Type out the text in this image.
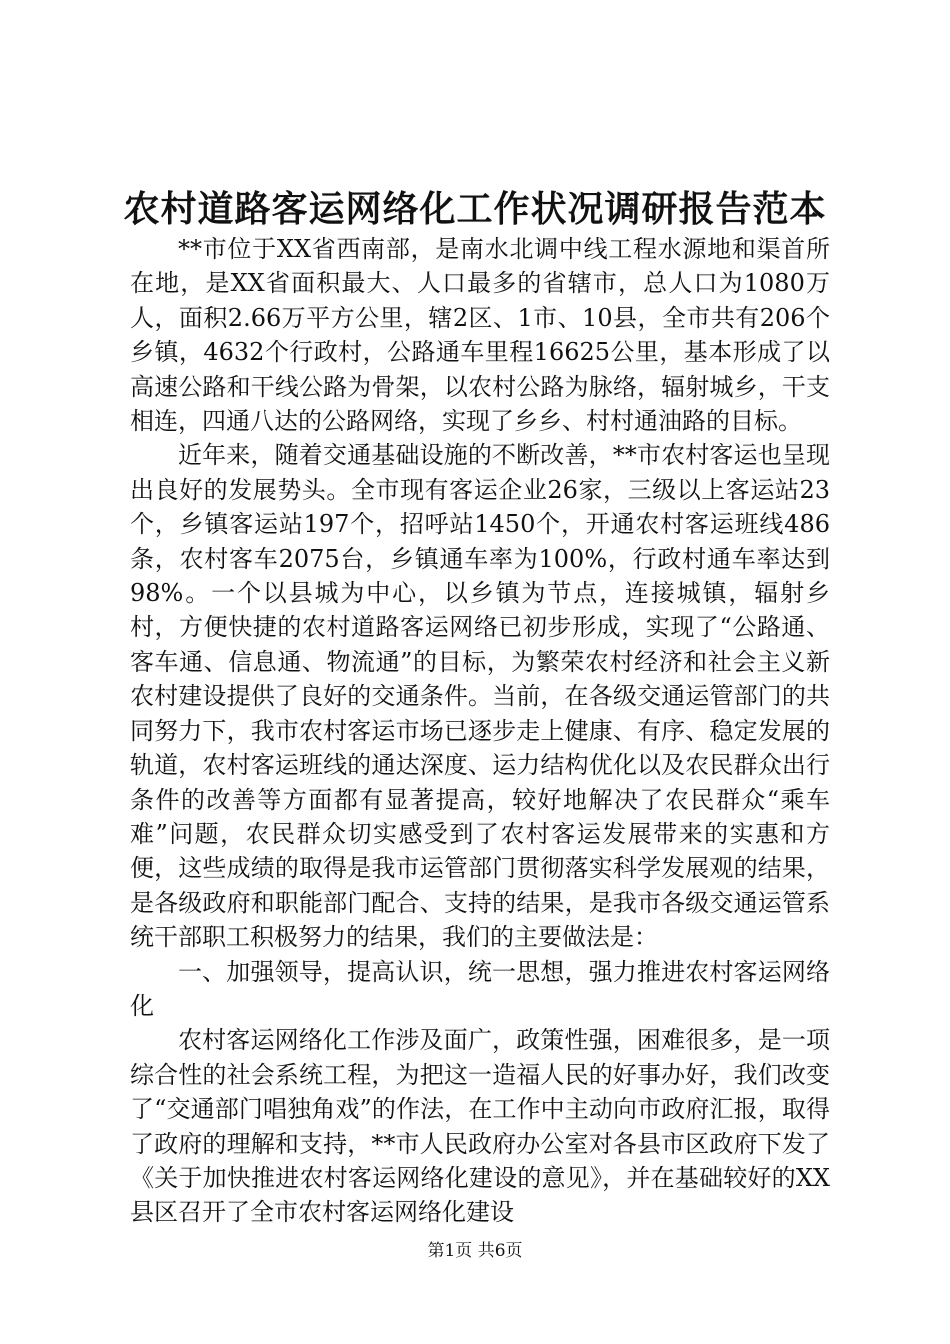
农村道路客运网络化工作状况调研报告范本

**市位于XX省西南部，是南水北调中线工程水源地和渠首所在地，是XX省面积最大、人口最多的省辖市，总人口为1080万人，面积2.66万平方公里，辖2区、1市、10县，全市共有206个乡镇，4632个行政村，公路通车里程16625公里，基本形成了以高速公路和干线公路为骨架，以农村公路为脉络，辐射城乡，干支相连，四通八达的公路网络，实现了乡乡、村村通油路的目标。

近年来，随着交通基础设施的不断改善，**市农村客运也呈现出良好的发展势头。全市现有客运企业26家，三级以上客运站23个，乡镇客运站197个，招呼站1450个，开通农村客运班线486条，农村客车2075台，乡镇通车率为100%，行政村通车率达到98%。一个以县城为中心，以乡镇为节点，连接城镇，辐射乡村，方便快捷的农村道路客运网络已初步形成，实现了“公路通、客车通、信息通、物流通”的目标，为繁荣农村经济和社会主义新农村建设提供了良好的交通条件。当前，在各级交通运管部门的共同努力下，我市农村客运市场已逐步走上健康、有序、稳定发展的轨道，农村客运班线的通达深度、运力结构优化以及农民群众出行条件的改善等方面都有显著提高，较好地解决了农民群众“乘车难”问题，农民群众切实感受到了农村客运发展带来的实惠和方便，这些成绩的取得是我市运管部门贯彻落实科学发展观的结果，是各级政府和职能部门配合、支持的结果，是我市各级交通运管系统干部职工积极努力的结果，我们的主要做法是：

一、加强领导，提高认识，统一思想，强力推进农村客运网络化

农村客运网络化工作涉及面广，政策性强，困难很多，是一项综合性的社会系统工程，为把这一造福人民的好事办好，我们改变了“交通部门唱独角戏”的作法，在工作中主动向市政府汇报，取得了政府的理解和支持，**市人民政府办公室对各县市区政府下发了《关于加快推进农村客运网络化建设的意见》，并在基础较好的XX县区召开了全市农村客运网络化建设

第1页 共6页
